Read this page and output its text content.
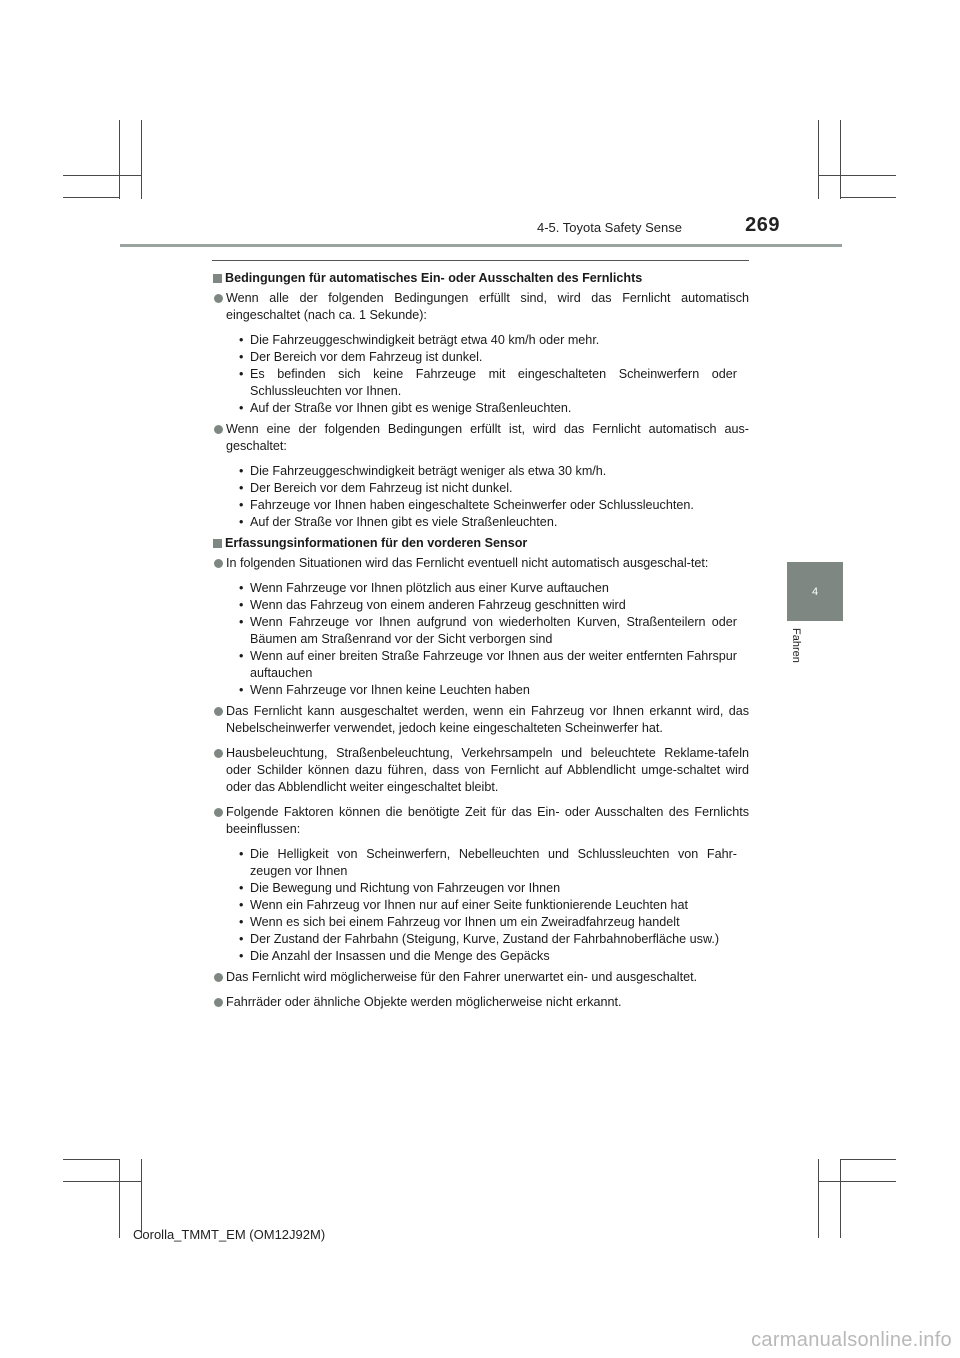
4-5. Toyota Safety Sense	269
4
Fahren
Bedingungen für automatisches Ein- oder Ausschalten des Fernlichts
Wenn alle der folgenden Bedingungen erfüllt sind, wird das Fernlicht automatisch eingeschaltet (nach ca. 1 Sekunde):
• Die Fahrzeuggeschwindigkeit beträgt etwa 40 km/h oder mehr.
• Der Bereich vor dem Fahrzeug ist dunkel.
• Es befinden sich keine Fahrzeuge mit eingeschalteten Scheinwerfern oder Schlussleuchten vor Ihnen.
• Auf der Straße vor Ihnen gibt es wenige Straßenleuchten.
Wenn eine der folgenden Bedingungen erfüllt ist, wird das Fernlicht automatisch aus-geschaltet:
• Die Fahrzeuggeschwindigkeit beträgt weniger als etwa 30 km/h.
• Der Bereich vor dem Fahrzeug ist nicht dunkel.
• Fahrzeuge vor Ihnen haben eingeschaltete Scheinwerfer oder Schlussleuchten.
• Auf der Straße vor Ihnen gibt es viele Straßenleuchten.
Erfassungsinformationen für den vorderen Sensor
In folgenden Situationen wird das Fernlicht eventuell nicht automatisch ausgeschal-tet:
• Wenn Fahrzeuge vor Ihnen plötzlich aus einer Kurve auftauchen
• Wenn das Fahrzeug von einem anderen Fahrzeug geschnitten wird
• Wenn Fahrzeuge vor Ihnen aufgrund von wiederholten Kurven, Straßenteilern oder Bäumen am Straßenrand vor der Sicht verborgen sind
• Wenn auf einer breiten Straße Fahrzeuge vor Ihnen aus der weiter entfernten Fahrspur auftauchen
• Wenn Fahrzeuge vor Ihnen keine Leuchten haben
Das Fernlicht kann ausgeschaltet werden, wenn ein Fahrzeug vor Ihnen erkannt wird, das Nebelscheinwerfer verwendet, jedoch keine eingeschalteten Scheinwerfer hat.
Hausbeleuchtung, Straßenbeleuchtung, Verkehrsampeln und beleuchtete Reklame-tafeln oder Schilder können dazu führen, dass von Fernlicht auf Abblendlicht umge-schaltet wird oder das Abblendlicht weiter eingeschaltet bleibt.
Folgende Faktoren können die benötigte Zeit für das Ein- oder Ausschalten des Fernlichts beeinflussen:
• Die Helligkeit von Scheinwerfern, Nebelleuchten und Schlussleuchten von Fahr-zeugen vor Ihnen
• Die Bewegung und Richtung von Fahrzeugen vor Ihnen
• Wenn ein Fahrzeug vor Ihnen nur auf einer Seite funktionierende Leuchten hat
• Wenn es sich bei einem Fahrzeug vor Ihnen um ein Zweiradfahrzeug handelt
• Der Zustand der Fahrbahn (Steigung, Kurve, Zustand der Fahrbahnoberfläche usw.)
• Die Anzahl der Insassen und die Menge des Gepäcks
Das Fernlicht wird möglicherweise für den Fahrer unerwartet ein- und ausgeschaltet.
Fahrräder oder ähnliche Objekte werden möglicherweise nicht erkannt.
Corolla_TMMT_EM (OM12J92M)
carmanualsonline.info
